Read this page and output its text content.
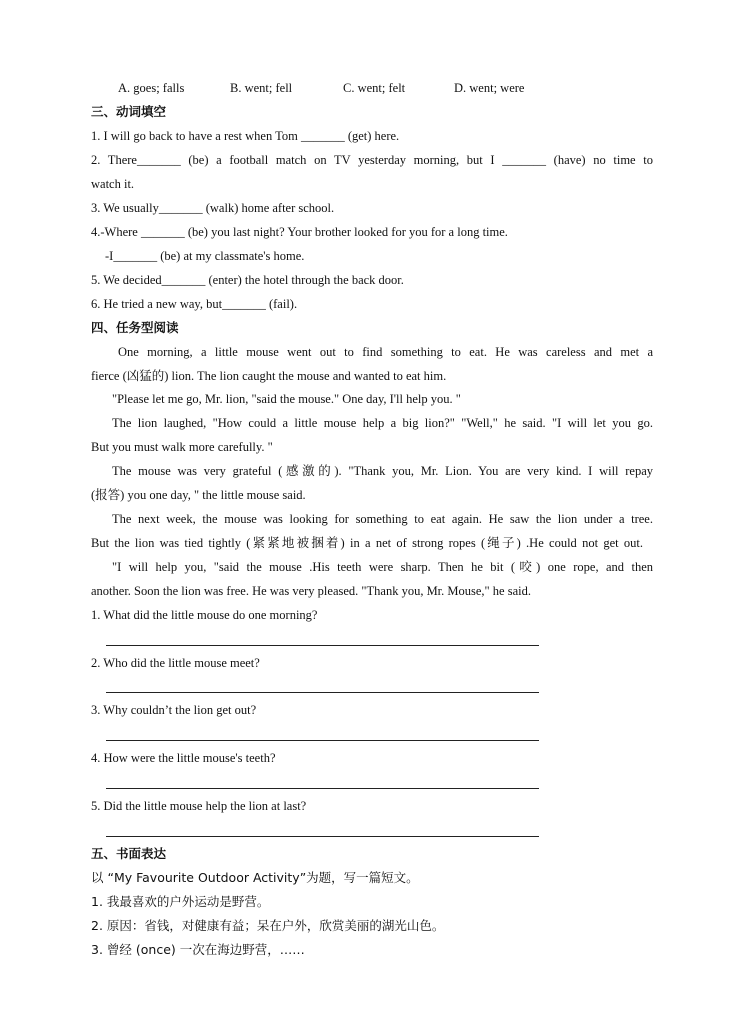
A. goes; falls	B. went; fell	C. went; felt	D. went; were
三、动词填空
1. I will go back to have a rest when Tom _______ (get) here.
2. There_______ (be) a football match on TV yesterday morning, but I _______ (have) no time to
watch it.
3. We usually_______ (walk) home after school.
4.-Where _______ (be) you last night? Your brother looked for you for a long time.
-I_______ (be) at my classmate's home.
5. We decided_______ (enter) the hotel through the back door.
6. He tried a new way, but_______ (fail).
四、任务型阅读
One morning, a little mouse went out to find something to eat. He was careless and met a
fierce (凶猛的) lion. The lion caught the mouse and wanted to eat him.
"Please let me go, Mr. lion, "said the mouse." One day, I'll help you. "
The lion laughed, "How could a little mouse help a big lion?" "Well," he said. "I will let you go.
But you must walk more carefully. "
The mouse was very grateful (感激的). "Thank you, Mr. Lion. You are very kind. I will repay
(报答) you one day, " the little mouse said.
The next week, the mouse was looking for something to eat again. He saw the lion under a tree.
But the lion was tied tightly (紧紧地被捆着) in a net of strong ropes (绳子) .He could not get out.
"I will help you, "said the mouse .His teeth were sharp. Then he bit (咬) one rope, and then
another. Soon the lion was free. He was very pleased. "Thank you, Mr. Mouse," he said.
1. What did the little mouse do one morning?
2. Who did the little mouse meet?
3. Why couldn’t the lion get out?
4. How were the little mouse's teeth?
5. Did the little mouse help the lion at last?
五、书面表达
以 “My Favourite Outdoor Activity”为题，写一篇短文。
1. 我最喜欢的户外运动是野营。
2. 原因：省钱，对健康有益；呆在户外，欣赏美丽的湖光山色。
3. 曾经 (once) 一次在海边野营，……
